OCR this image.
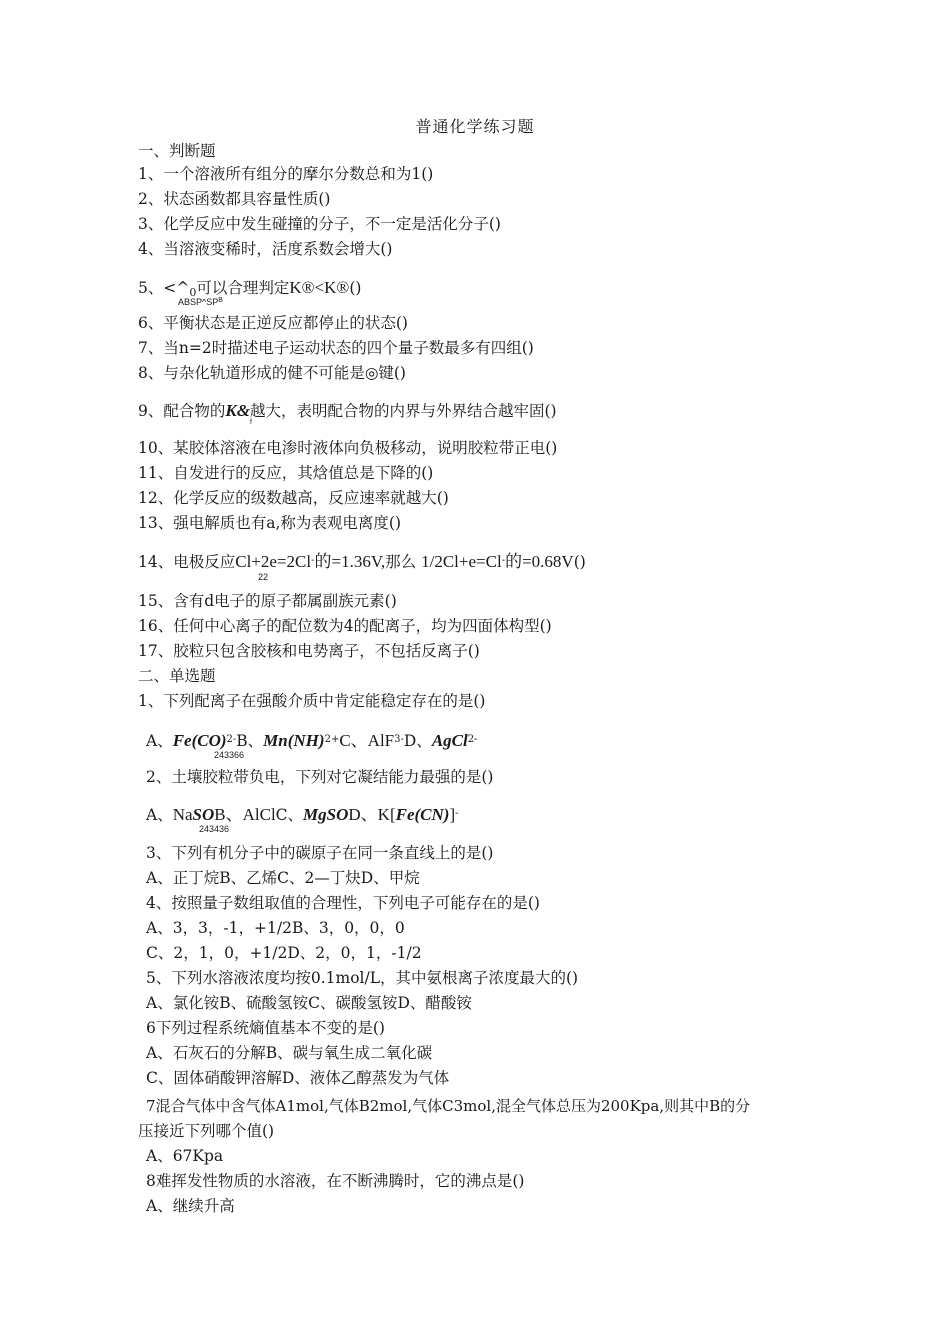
普通化学练习题
一、判断题
1、一个溶液所有组分的摩尔分数总和为1()
2、状态函数都具容量性质()
3、化学反应中发生碰撞的分子，不一定是活化分子()
4、当溶液变稀时，活度系数会增大()
5、$<\^{}_0$可以合理判定K®<K®()
$ABSP\^{}SP^B$
6、平衡状态是正逆反应都停止的状态()
7、当n=2时描述电子运动状态的四个量子数最多有四组()
8、与杂化轨道形成的健不可能是◎键()
9、配合物的K&越大，表明配合物的内界与外界结合越牢固()
f
10、某胶体溶液在电渗时液体向负极移动，说明胶粒带正电()
11、自发进行的反应，其焓值总是下降的()
12、化学反应的级数越高，反应速率就越大()
13、强电解质也有a,称为表观电离度()
14、电极反应Cl+2e=2Cl-的=1.36V,那么 1/2Cl+e=Cl-的=0.68V()
22
15、含有d电子的原子都属副族元素()
16、任何中心离子的配位数为4的配离子，均为四面体构型()
17、胶粒只包含胶核和电势离子，不包括反离子()
二、单选题
1、下列配离子在强酸介质中肯定能稳定存在的是()
A、Fe(CO)$^{2-}$B、Mn(NH)$^{2+}$C、AlF$^{3-}$D、AgCl$^{2-}$
243366
2、土壤胶粒带负电，下列对它凝结能力最强的是()
A、NaSOB、AlClC、MgSOD、K[Fe(CN)]-
243436
3、下列有机分子中的碳原子在同一条直线上的是()
A、正丁烷B、乙烯C、2—丁炔D、甲烷
4、按照量子数组取值的合理性，下列电子可能存在的是()
A、3，3，-1，+1/2B、3，0，0，0
C、2，1，0，+1/2D、2，0，1，-1/2
5、下列水溶液浓度均按0.1mol/L，其中氨根离子浓度最大的()
A、氯化铵B、硫酸氢铵C、碳酸氢铵D、醋酸铵
6下列过程系统熵值基本不变的是()
A、石灰石的分解B、碳与氧生成二氧化碳
C、固体硝酸钾溶解D、液体乙醇蒸发为气体
7混合气体中含气体A1mol,气体B2mol,气体C3mol,混全气体总压为200Kpa,则其中B的分
压接近下列哪个值()
A、67Kpa
8难挥发性物质的水溶液，在不断沸腾时，它的沸点是()
A、继续升高
